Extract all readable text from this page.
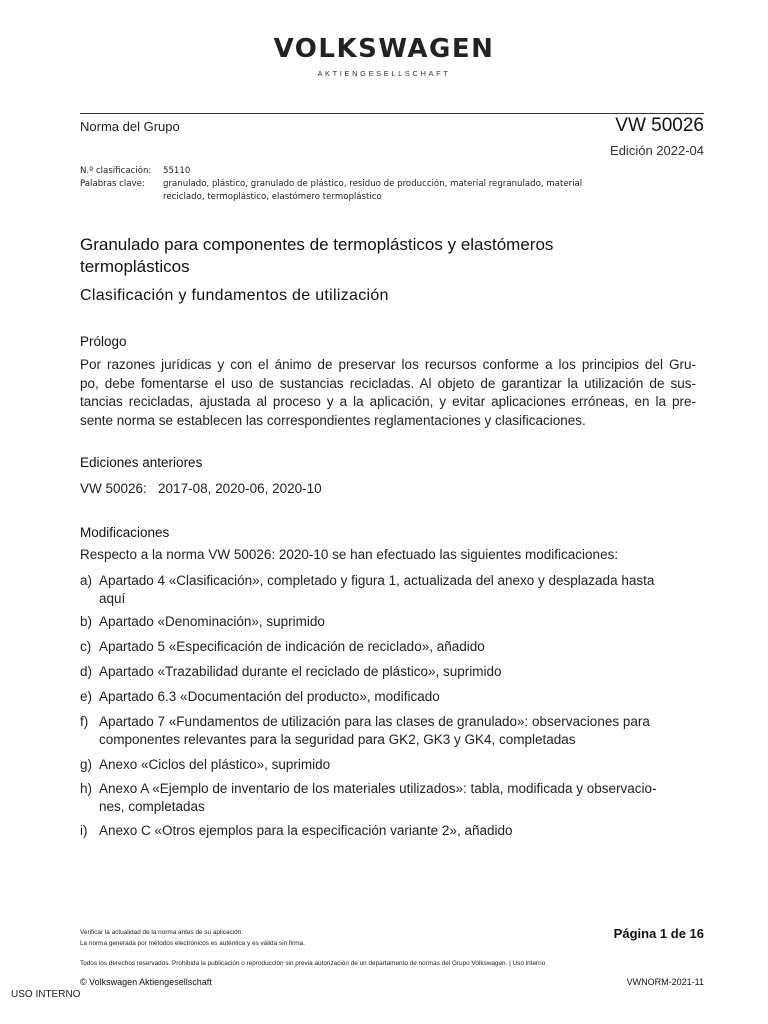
VOLKSWAGEN
AKTIENGESELLSCHAFT
Norma del Grupo	VW 50026
Edición 2022-04
N.º clasificación:	55110
Palabras clave:	granulado, plástico, granulado de plástico, residuo de producción, material regranulado, material
reciclado, termoplástico, elastómero termoplástico
Granulado para componentes de termoplásticos y elastómeros
termoplásticos
Clasificación y fundamentos de utilización
Prólogo
Por razones jurídicas y con el ánimo de preservar los recursos conforme a los principios del Gru-
po, debe fomentarse el uso de sustancias recicladas. Al objeto de garantizar la utilización de sus-
tancias recicladas, ajustada al proceso y a la aplicación, y evitar aplicaciones erróneas, en la pre-
sente norma se establecen las correspondientes reglamentaciones y clasificaciones.
Ediciones anteriores
VW 50026:   2017-08, 2020-06, 2020-10
Modificaciones
Respecto a la norma VW 50026: 2020-10 se han efectuado las siguientes modificaciones:
a) Apartado 4 «Clasificación», completado y figura 1, actualizada del anexo y desplazada hasta
aquí
b) Apartado «Denominación», suprimido
c) Apartado 5 «Especificación de indicación de reciclado», añadido
d) Apartado «Trazabilidad durante el reciclado de plástico», suprimido
e) Apartado 6.3 «Documentación del producto», modificado
f) Apartado 7 «Fundamentos de utilización para las clases de granulado»: observaciones para
componentes relevantes para la seguridad para GK2, GK3 y GK4, completadas
g) Anexo «Ciclos del plástico», suprimido
h) Anexo A «Ejemplo de inventario de los materiales utilizados»: tabla, modificada y observacio-
nes, completadas
i) Anexo C «Otros ejemplos para la especificación variante 2», añadido
Verificar la actualidad de la norma antes de su aplicación.
La norma generada por métodos electrónicos es auténtica y es válida sin firma.
Todos los derechos reservados. Prohibida la publicación o reproducción sin previa autorización de un departamento de normas del Grupo Volkswagen. | Uso interno
Página 1 de 16
© Volkswagen Aktiengesellschaft	VWNORM-2021-11
USO INTERNO
